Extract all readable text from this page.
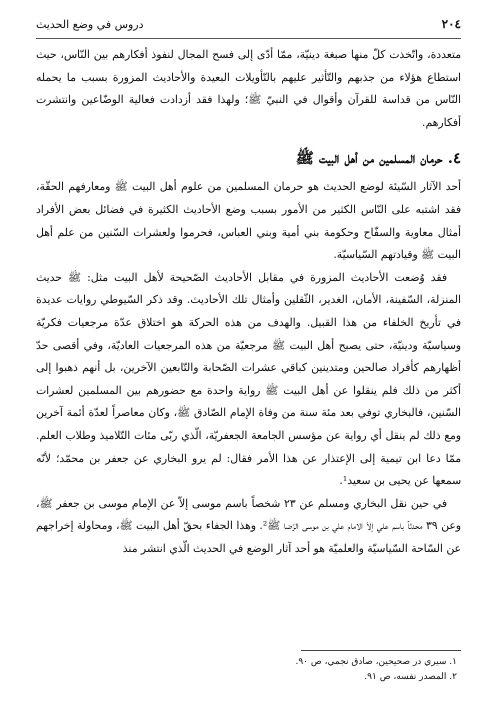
٢٠٤
دروس في وضع الحديث

متعددة، واتّخذت كلّ منها صبغة دينيّة، ممّا أدّى إلى فسح المجال لنفوذ أفكارهم بين النّاس، حيث استطاع هؤلاء من جذبهم والتّأثير عليهم بالتّأويلات البعيدة والأحاديث المزورة بسبب ما يحمله النّاس من قداسة للقرآن وأقوال في النبيّ ﷺ؛ ولهذا فقد أزدادت فعالية الوضّاعين وانتشرت أفكارهم.

٤. حرمان المسلمين من أهل البيت ﷺ

أحد الآثار السّيئة لوضع الحديث هو حرمان المسلمين من علوم أهل البيت ﷺ ومعارفهم الحقّة، فقد اشتبه على النّاس الكثير من الأمور بسبب وضع الأحاديث الكثيرة في فضائل بعض الأفراد أمثال معاوية والسفّاح وحكومة بني أمية وبني العباس، فحرموا ولعشرات السّنين من علم أهل البيت ﷺ وقيادتهم السّياسيّة.

فقد وُضعت الأحاديث المزورة في مقابل الأحاديث الصّحيحة لأهل البيت مثل: ﷺ حديث المنزلة، السّفينة، الأمان، الغدير، الثّقلين وأمثال تلك الأحاديث. وقد ذكر السّيوطي روايات عديدة في تأريخ الخلفاء من هذا القبيل. والهدف من هذه الحركة هو اختلاق عدّة مرجعيات فكريّة وسياسيّة ودينيّة، حتى يصبح أهل البيت ﷺ مرجعيّة من هذه المرجعيات العاديّة، وفي أقصى حدّ أظهارهم كأفراد صالحين ومتدينين كباقي عشرات الصّحابة والتّابعين الآخرين، بل أنهم ذهبوا إلى أكثر من ذلك فلم ينقلوا عن أهل البيت ﷺ رواية واحدة مع حضورهم بين المسلمين لعشرات السّنين، فالبخاري توفي بعد مئة سنة من وفاة الإمام الصّادق ﷺ، وكان معاصراً لعدّة أئمة آخرين ومع ذلك لم ينقل أي رواية عن مؤسس الجامعة الجعفريّة، الّذي ربّى مئات التّلاميذ وطلاب العلم. ممّا دعا ابن تيمية إلى الإعتذار عن هذا الأمر فقال: لم يرو البخاري عن جعفر بن محمّد؛ لأنّه سمعها عن يحيى بن سعيد¹.

في حين نقل البخاري ومسلم عن ٢٣ شخصاً باسم موسى إلاّ عن الإمام موسى بن جعفر ﷺ، وعن ٣٩ محدثاً باسم علي إلاّ الامام علي بن موسى الرّضا ﷺ². وهذا الجفاء بحقّ أهل البيت ﷺ، ومحاولة إخراجهم عن السّاحة السّياسيّة والعلميّة هو أحد آثار الوضع في الحديث الّذي انتشر منذ

١. سيري در صحيحين، صادق نجمي، ص ٩٠.
٢. المصدر نفسه، ص ٩١.
